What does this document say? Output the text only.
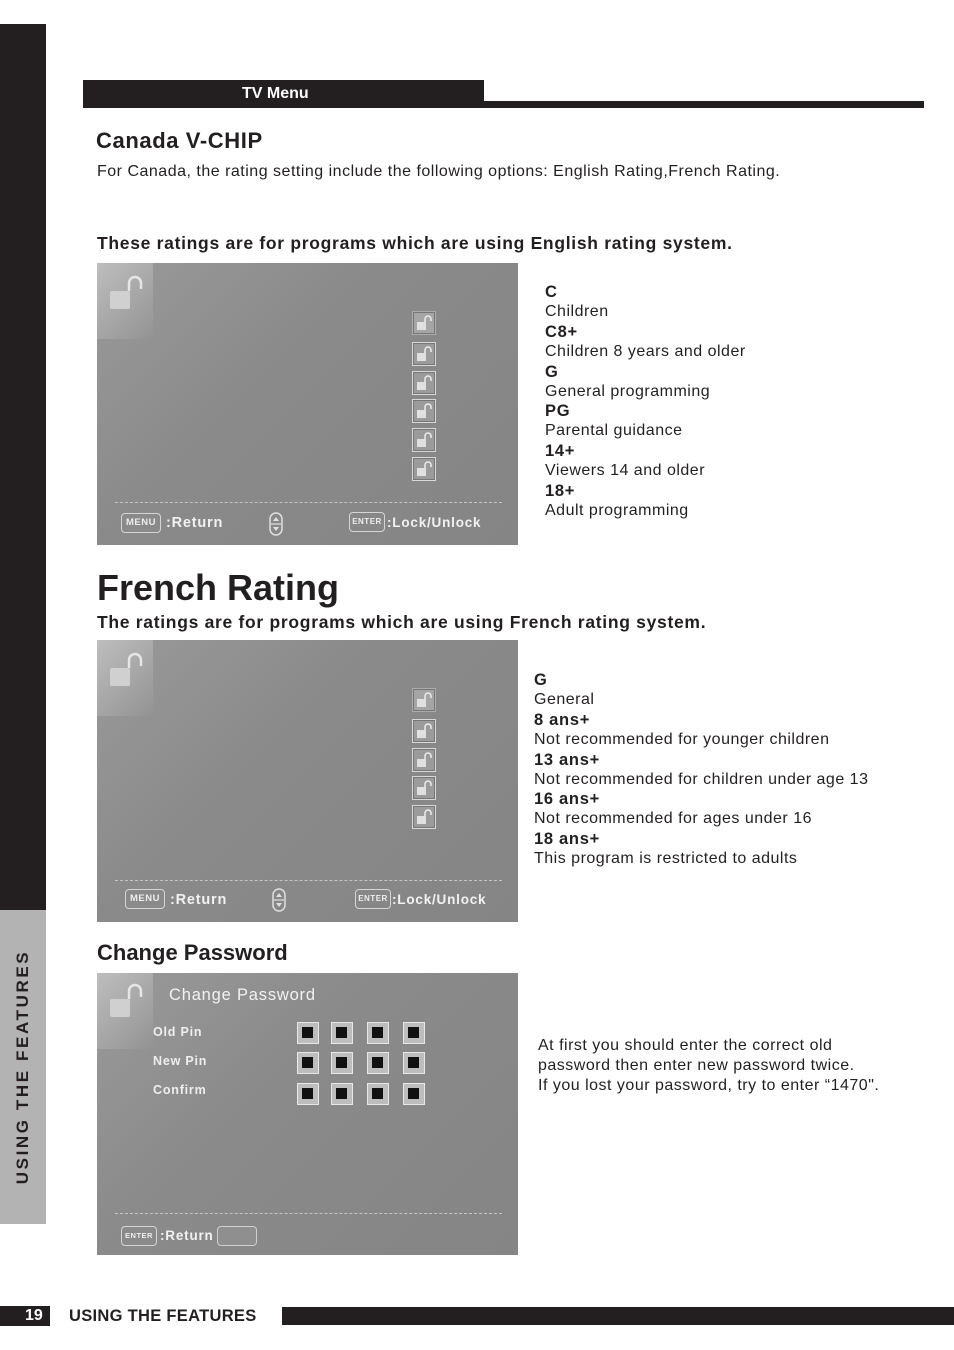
USING THE FEATURES
TV Menu
Canada V-CHIP
For Canada, the rating setting include the following options: English Rating,French Rating.
These ratings are for programs which are using English rating system.
MENU :Return	ENTER :Lock/Unlock
C
Children
C8+
Children 8 years and older
G
General programming
PG
Parental guidance
14+
Viewers 14 and older
18+
Adult programming
French Rating
The ratings are for programs which are using French rating system.
MENU :Return	ENTER :Lock/Unlock
G
General
8 ans+
Not recommended for younger children
13 ans+
Not recommended for children under age 13
16 ans+
Not recommended for ages under 16
18 ans+
This program is restricted to adults
Change Password
Change Password
Old Pin
New Pin
Confirm
ENTER :Return
At first you should enter the correct old
password then enter new password twice.
If you lost your password, try to enter “1470".
19 USING THE FEATURES
